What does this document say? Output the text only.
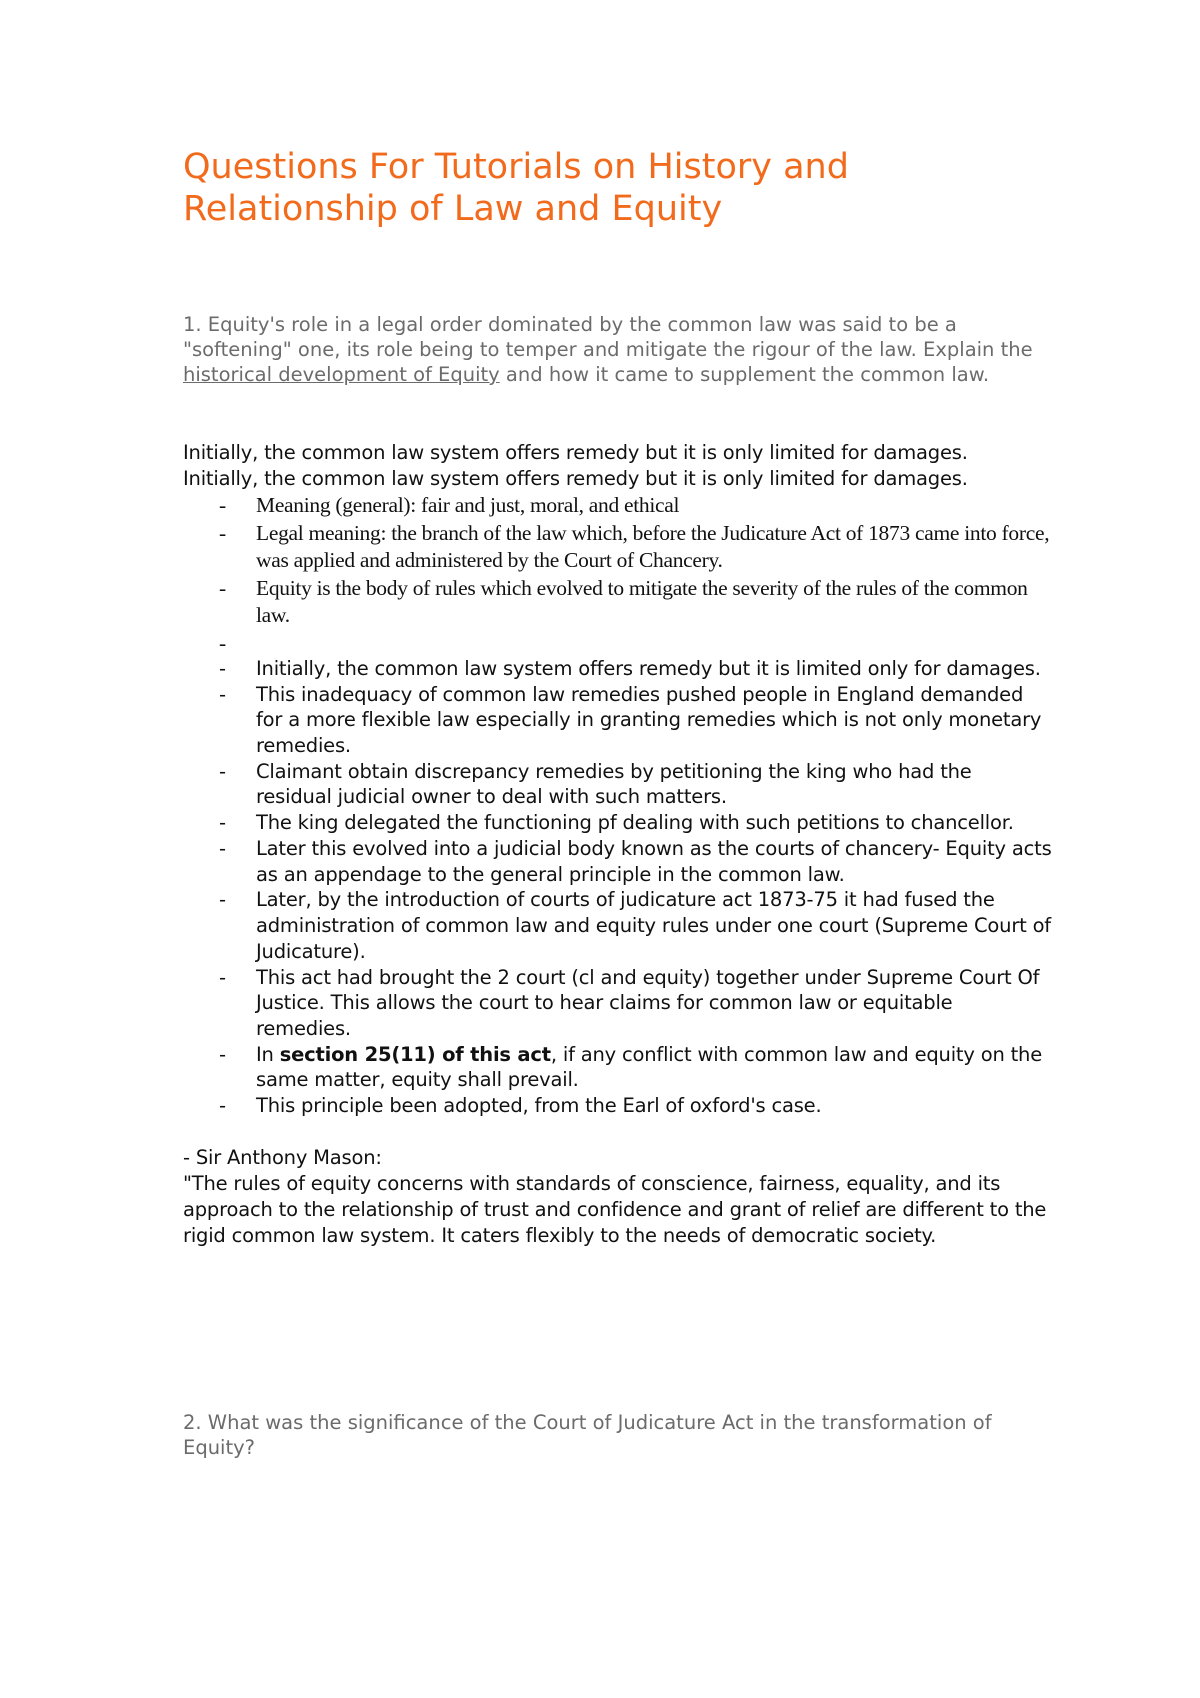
Questions For Tutorials on History and Relationship of Law and Equity

1. Equity's role in a legal order dominated by the common law was said to be a "softening" one, its role being to temper and mitigate the rigour of the law. Explain the historical development of Equity and how it came to supplement the common law.

Initially, the common law system offers remedy but it is only limited for damages.

Initially, the common law system offers remedy but it is only limited for damages.

- Meaning (general): fair and just, moral, and ethical
- Legal meaning: the branch of the law which, before the Judicature Act of 1873 came into force, was applied and administered by the Court of Chancery.
- Equity is the body of rules which evolved to mitigate the severity of the rules of the common law.
-
- Initially, the common law system offers remedy but it is limited only for damages.
- This inadequacy of common law remedies pushed people in England demanded for a more flexible law especially in granting remedies which is not only monetary remedies.
- Claimant obtain discrepancy remedies by petitioning the king who had the residual judicial owner to deal with such matters.
- The king delegated the functioning pf dealing with such petitions to chancellor.
- Later this evolved into a judicial body known as the courts of chancery- Equity acts as an appendage to the general principle in the common law.
- Later, by the introduction of courts of judicature act 1873-75 it had fused the administration of common law and equity rules under one court (Supreme Court of Judicature).
- This act had brought the 2 court (cl and equity) together under Supreme Court Of Justice. This allows the court to hear claims for common law or equitable remedies.
- In section 25(11) of this act, if any conflict with common law and equity on the same matter, equity shall prevail.
- This principle been adopted, from the Earl of oxford's case.

- Sir Anthony Mason:

"The rules of equity concerns with standards of conscience, fairness, equality, and its approach to the relationship of trust and confidence and grant of relief are different to the rigid common law system. It caters flexibly to the needs of democratic society.

2. What was the significance of the Court of Judicature Act in the transformation of Equity?
